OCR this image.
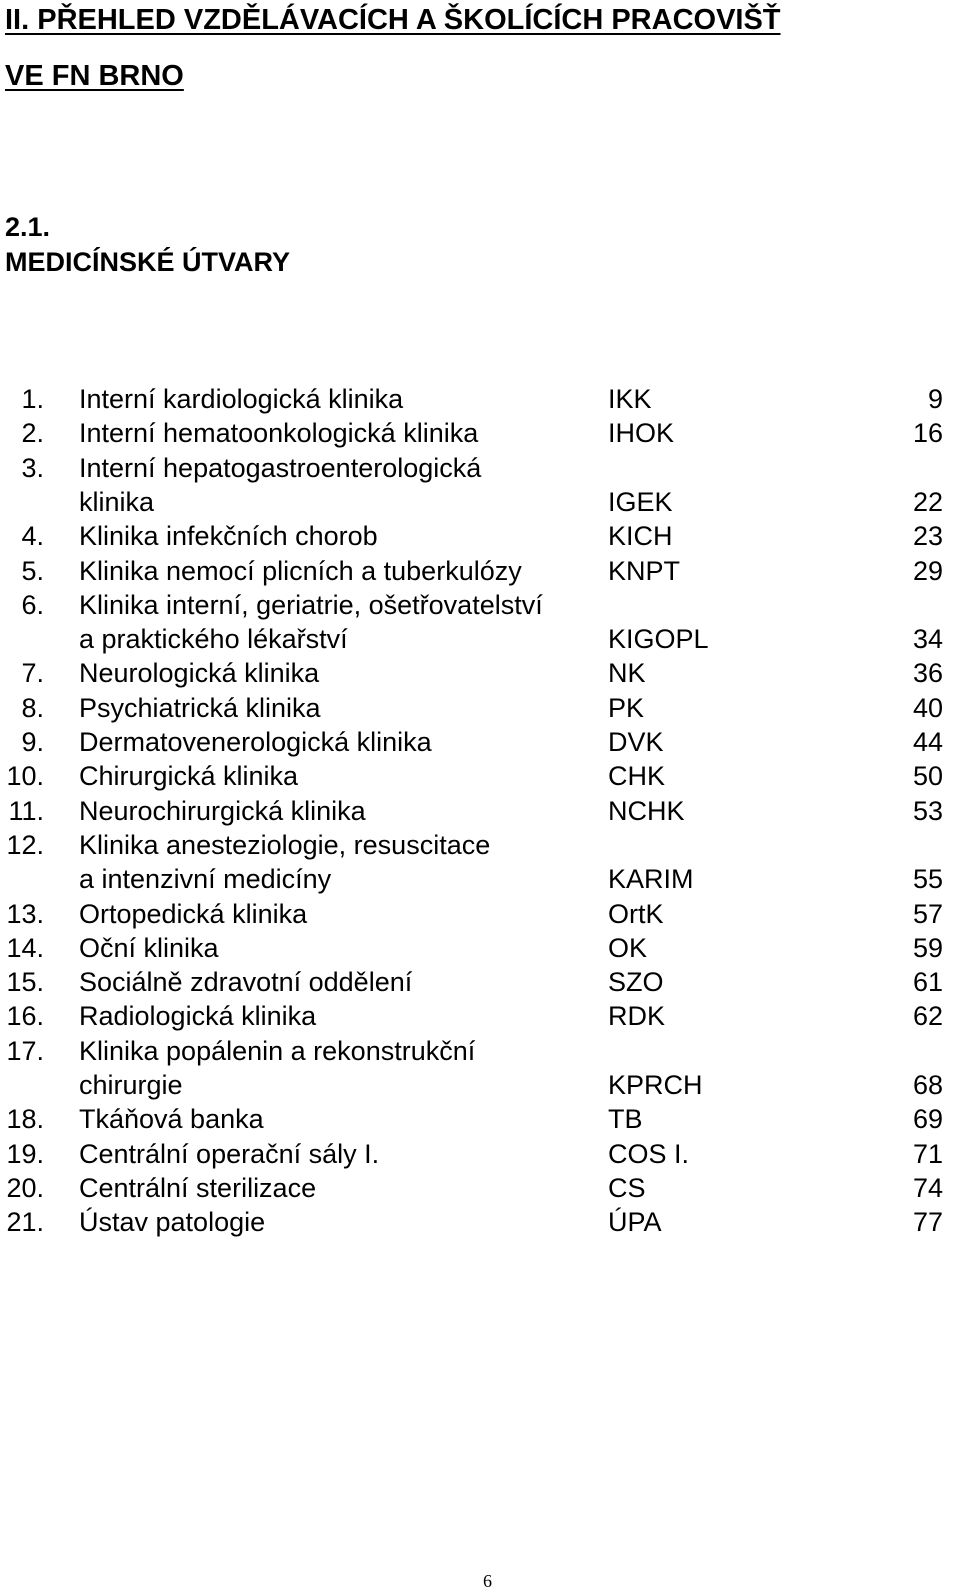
II. PŘEHLED VZDĚLÁVACÍCH A ŠKOLÍCÍCH PRACOVIŠŤ
VE FN BRNO
2.1.
MEDICÍNSKÉ ÚTVARY
1. Interní kardiologická klinika	IKK	9
2. Interní hematoonkologická klinika	IHOK	16
3. Interní hepatogastroenterologická
klinika	IGEK	22
4. Klinika infekčních chorob	KICH	23
5. Klinika nemocí plicních a tuberkulózy	KNPT	29
6. Klinika interní, geriatrie, ošetřovatelství
a praktického lékařství	KIGOPL	34
7. Neurologická klinika	NK	36
8. Psychiatrická klinika	PK	40
9. Dermatovenerologická klinika	DVK	44
10. Chirurgická klinika	CHK	50
11. Neurochirurgická klinika	NCHK	53
12. Klinika anesteziologie, resuscitace
a intenzivní medicíny	KARIM	55
13. Ortopedická klinika	OrtK	57
14. Oční klinika	OK	59
15. Sociálně zdravotní oddělení	SZO	61
16. Radiologická klinika	RDK	62
17. Klinika popálenin a rekonstrukční
chirurgie	KPRCH	68
18. Tkáňová banka	TB	69
19. Centrální operační sály I.	COS I.	71
20. Centrální sterilizace	CS	74
21. Ústav patologie	ÚPA	77
6
